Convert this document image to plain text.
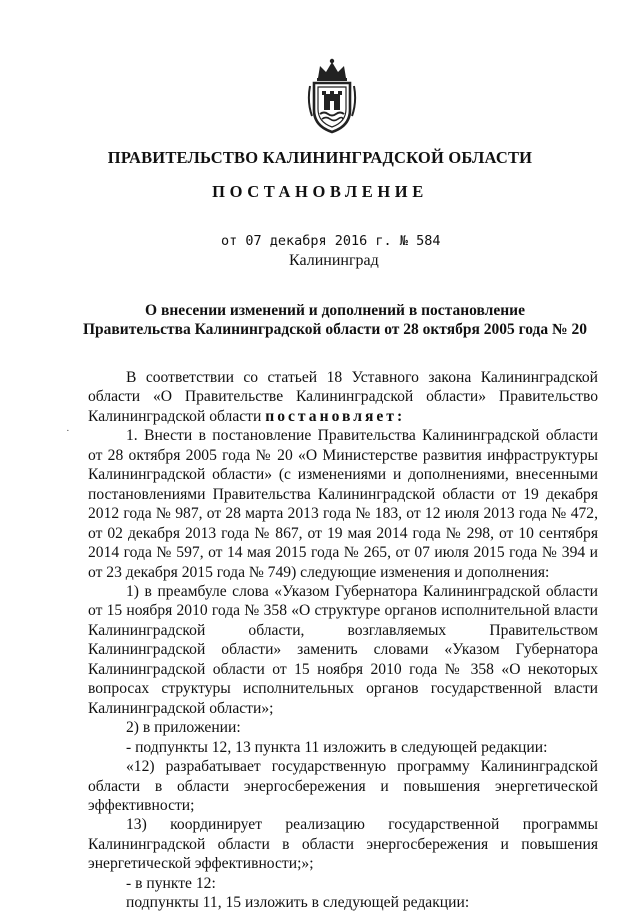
ПРАВИТЕЛЬСТВО КАЛИНИНГРАДСКОЙ ОБЛАСТИ
ПОСТАНОВЛЕНИЕ
от 07 декабря 2016 г. № 584
Калининград
О внесении изменений и дополнений в постановление
Правительства Калининградской области от 28 октября 2005 года № 20
·

В соответствии со статьей 18 Уставного закона Калининградской области «О Правительстве Калининградской области» Правительство Калининградской области постановляет:

1. Внести в постановление Правительства Калининградской области от 28 октября 2005 года № 20 «О Министерстве развития инфраструктуры Калининградской области» (с изменениями и дополнениями, внесенными постановлениями Правительства Калининградской области от 19 декабря 2012 года № 987, от 28 марта 2013 года № 183, от 12 июля 2013 года № 472, от 02 декабря 2013 года № 867, от 19 мая 2014 года № 298, от 10 сентября 2014 года № 597, от 14 мая 2015 года № 265, от 07 июля 2015 года № 394 и от 23 декабря 2015 года № 749) следующие изменения и дополнения:

1) в преамбуле слова «Указом Губернатора Калининградской области от 15 ноября 2010 года № 358 «О структуре органов исполнительной власти Калининградской области, возглавляемых Правительством Калининградской области» заменить словами «Указом Губернатора Калининградской области от 15 ноября 2010 года № 358 «О некоторых вопросах структуры исполнительных органов государственной власти Калининградской области»;

2) в приложении:

- подпункты 12, 13 пункта 11 изложить в следующей редакции:

«12) разрабатывает государственную программу Калининградской области в области энергосбережения и повышения энергетической эффективности;

13) координирует реализацию государственной программы Калининградской области в области энергосбережения и повышения энергетической эффективности;»;

- в пункте 12:

подпункты 11, 15 изложить в следующей редакции:
